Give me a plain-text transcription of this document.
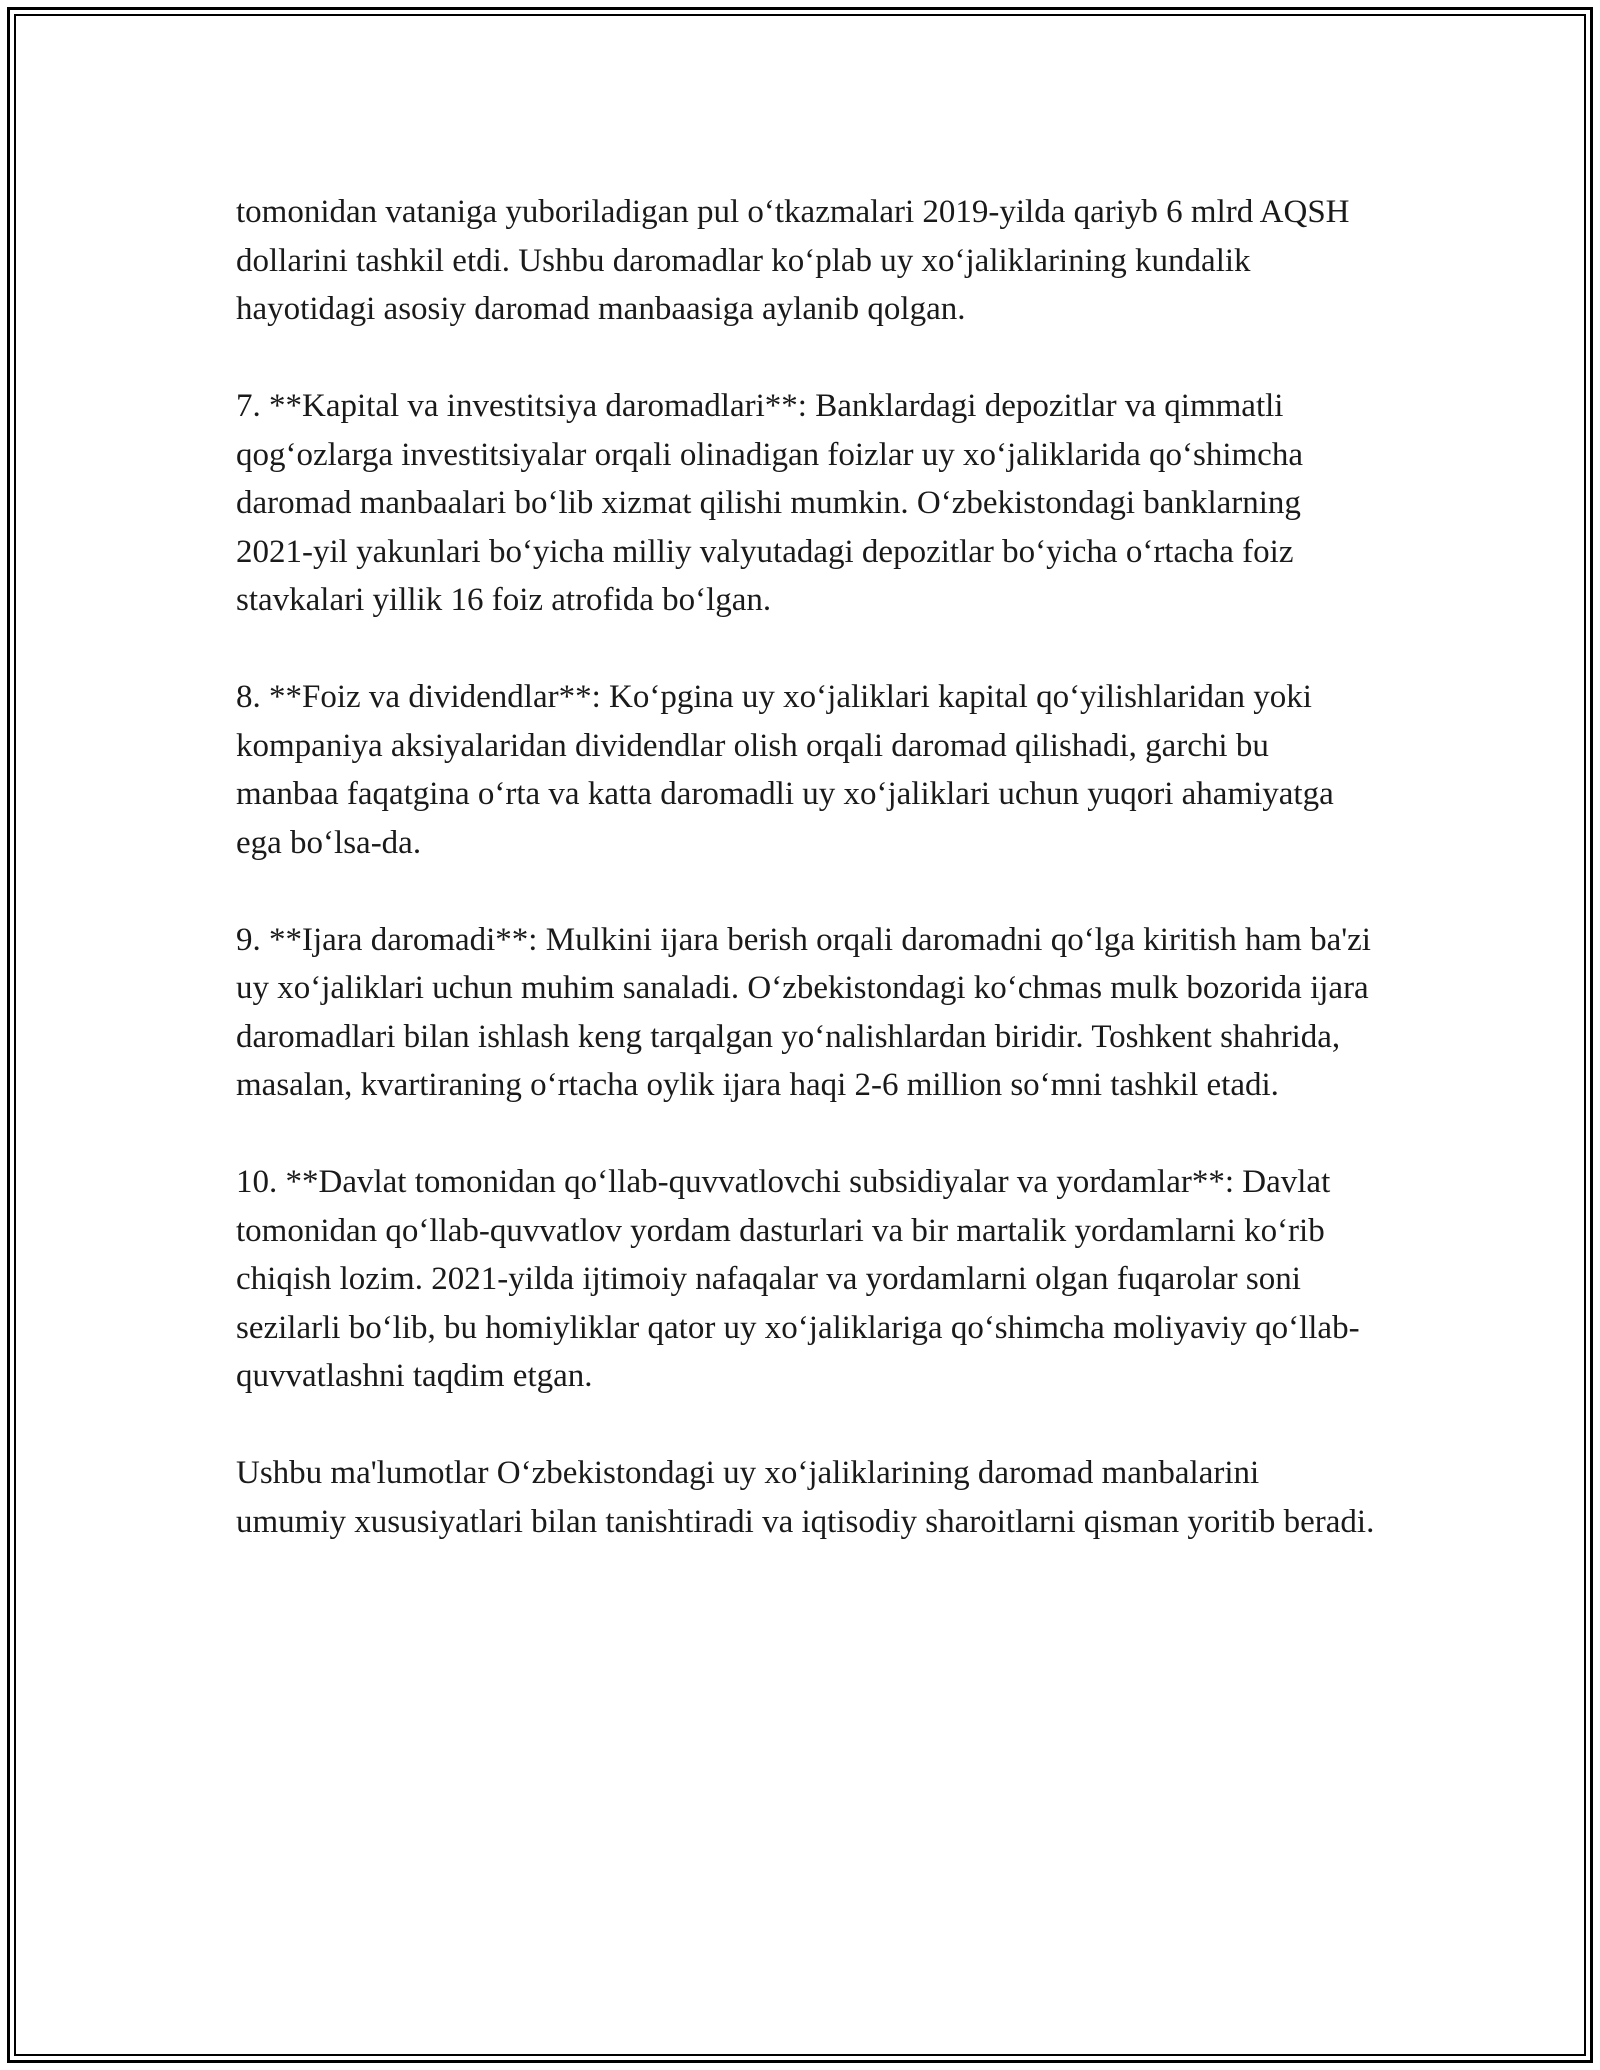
tomonidan vataniga yuboriladigan pul o‘tkazmalari 2019-yilda qariyb 6 mlrd AQSH dollarini tashkil etdi. Ushbu daromadlar ko‘plab uy xo‘jaliklarining kundalik hayotidagi asosiy daromad manbaasiga aylanib qolgan.

7. **Kapital va investitsiya daromadlari**: Banklardagi depozitlar va qimmatli qog‘ozlarga investitsiyalar orqali olinadigan foizlar uy xo‘jaliklarida qo‘shimcha daromad manbaalari bo‘lib xizmat qilishi mumkin. O‘zbekistondagi banklarning 2021-yil yakunlari bo‘yicha milliy valyutadagi depozitlar bo‘yicha o‘rtacha foiz stavkalari yillik 16 foiz atrofida bo‘lgan.

8. **Foiz va dividendlar**: Ko‘pgina uy xo‘jaliklari kapital qo‘yilishlaridan yoki kompaniya aksiyalaridan dividendlar olish orqali daromad qilishadi, garchi bu manbaa faqatgina o‘rta va katta daromadli uy xo‘jaliklari uchun yuqori ahamiyatga ega bo‘lsa-da.

9. **Ijara daromadi**: Mulkini ijara berish orqali daromadni qo‘lga kiritish ham ba'zi uy xo‘jaliklari uchun muhim sanaladi. O‘zbekistondagi ko‘chmas mulk bozorida ijara daromadlari bilan ishlash keng tarqalgan yo‘nalishlardan biridir. Toshkent shahrida, masalan, kvartiraning o‘rtacha oylik ijara haqi 2-6 million so‘mni tashkil etadi.

10. **Davlat tomonidan qo‘llab-quvvatlovchi subsidiyalar va yordamlar**: Davlat tomonidan qo‘llab-quvvatlov yordam dasturlari va bir martalik yordamlarni ko‘rib chiqish lozim. 2021-yilda ijtimoiy nafaqalar va yordamlarni olgan fuqarolar soni sezilarli bo‘lib, bu homiyliklar qator uy xo‘jaliklariga qo‘shimcha moliyaviy qo‘llab-quvvatlashni taqdim etgan.

Ushbu ma'lumotlar O‘zbekistondagi uy xo‘jaliklarining daromad manbalarini umumiy xususiyatlari bilan tanishtiradi va iqtisodiy sharoitlarni qisman yoritib beradi.
